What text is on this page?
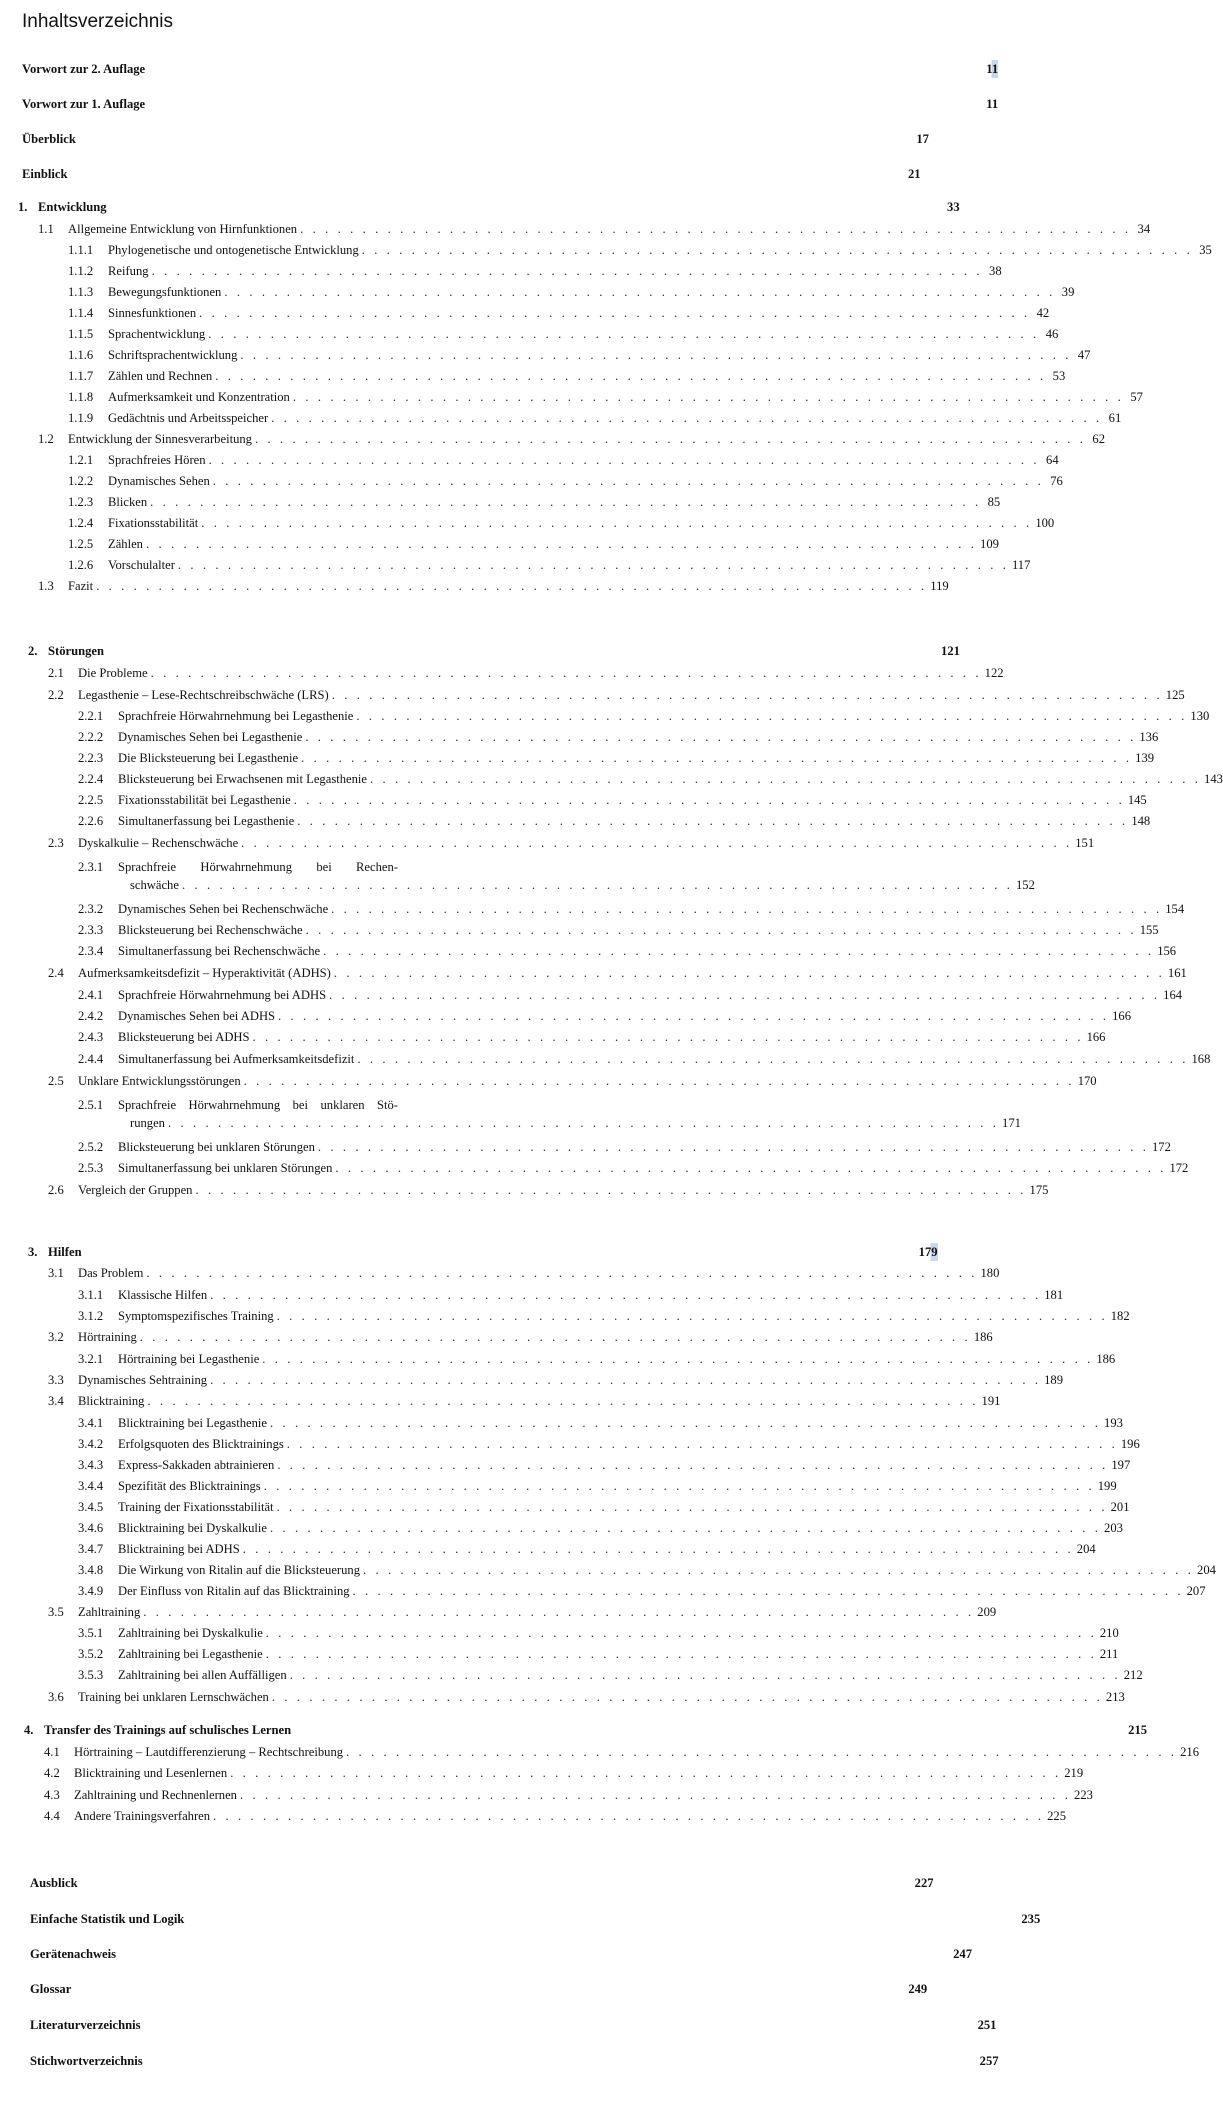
Inhaltsverzeichnis
Vorwort zur 2. Auflage	11
Vorwort zur 1. Auflage	11
Überblick	17
Einblick	21
1. Entwicklung	33
1.1 Allgemeine Entwicklung von Hirnfunktionen . . .	34
1.1.1 Phylogenetische und ontogenetische Entwicklung . . .	35
1.1.2 Reifung . . .	38
1.1.3 Bewegungsfunktionen . . .	39
1.1.4 Sinnesfunktionen . . .	42
1.1.5 Sprachentwicklung . . .	46
1.1.6 Schriftsprachentwicklung . . .	47
1.1.7 Zählen und Rechnen . . .	53
1.1.8 Aufmerksamkeit und Konzentration . . .	57
1.1.9 Gedächtnis und Arbeitsspeicher . . .	61
1.2 Entwicklung der Sinnesverarbeitung . . .	62
1.2.1 Sprachfreies Hören . . .	64
1.2.2 Dynamisches Sehen . . .	76
1.2.3 Blicken . . .	85
1.2.4 Fixationsstabilität . . .	100
1.2.5 Zählen . . .	109
1.2.6 Vorschulalter . . .	117
1.3 Fazit . . .	119
2. Störungen	121
2.1 Die Probleme . . .	122
2.2 Legasthenie – Lese-Rechtschreibschwäche (LRS) . . .	125
2.2.1 Sprachfreie Hörwahrnehmung bei Legasthenie . . .	130
2.2.2 Dynamisches Sehen bei Legasthenie . . .	136
2.2.3 Die Blicksteuerung bei Legasthenie . . .	139
2.2.4 Blicksteuerung bei Erwachsenen mit Legasthenie . . .	143
2.2.5 Fixationsstabilität bei Legasthenie . . .	145
2.2.6 Simultanerfassung bei Legasthenie . . .	148
2.3 Dyskalkulie – Rechenschwäche . . .	151
2.3.1 Sprachfreie Hörwahrnehmung bei Rechen-
schwäche . . .	152
2.3.2 Dynamisches Sehen bei Rechenschwäche . . .	154
2.3.3 Blicksteuerung bei Rechenschwäche . . .	155
2.3.4 Simultanerfassung bei Rechenschwäche . . .	156
2.4 Aufmerksamkeitsdefizit – Hyperaktivität (ADHS) . . .	161
2.4.1 Sprachfreie Hörwahrnehmung bei ADHS . . .	164
2.4.2 Dynamisches Sehen bei ADHS . . .	166
2.4.3 Blicksteuerung bei ADHS . . .	166
2.4.4 Simultanerfassung bei Aufmerksamkeitsdefizit . . .	168
2.5 Unklare Entwicklungsstörungen . . .	170
2.5.1 Sprachfreie Hörwahrnehmung bei unklaren Stö-
rungen . . .	171
2.5.2 Blicksteuerung bei unklaren Störungen . . .	172
2.5.3 Simultanerfassung bei unklaren Störungen . . .	172
2.6 Vergleich der Gruppen . . .	175
3. Hilfen	179
3.1 Das Problem . . .	180
3.1.1 Klassische Hilfen . . .	181
3.1.2 Symptomspezifisches Training . . .	182
3.2 Hörtraining . . .	186
3.2.1 Hörtraining bei Legasthenie . . .	186
3.3 Dynamisches Sehtraining . . .	189
3.4 Blicktraining . . .	191
3.4.1 Blicktraining bei Legasthenie . . .	193
3.4.2 Erfolgsquoten des Blicktrainings . . .	196
3.4.3 Express-Sakkaden abtrainieren . . .	197
3.4.4 Spezifität des Blicktrainings . . .	199
3.4.5 Training der Fixationsstabilität . . .	201
3.4.6 Blicktraining bei Dyskalkulie . . .	203
3.4.7 Blicktraining bei ADHS . . .	204
3.4.8 Die Wirkung von Ritalin auf die Blicksteuerung . . .	204
3.4.9 Der Einfluss von Ritalin auf das Blicktraining . . .	207
3.5 Zahltraining . . .	209
3.5.1 Zahltraining bei Dyskalkulie . . .	210
3.5.2 Zahltraining bei Legasthenie . . .	211
3.5.3 Zahltraining bei allen Auffälligen . . .	212
3.6 Training bei unklaren Lernschwächen . . .	213
4. Transfer des Trainings auf schulisches Lernen	215
4.1 Hörtraining – Lautdifferenzierung – Rechtschreibung . . .	216
4.2 Blicktraining und Lesenlernen . . .	219
4.3 Zahltraining und Rechnenlernen . . .	223
4.4 Andere Trainingsverfahren . . .	225
Ausblick	227
Einfache Statistik und Logik	235
Gerätenachweis	247
Glossar	249
Literaturverzeichnis	251
Stichwortverzeichnis	257
